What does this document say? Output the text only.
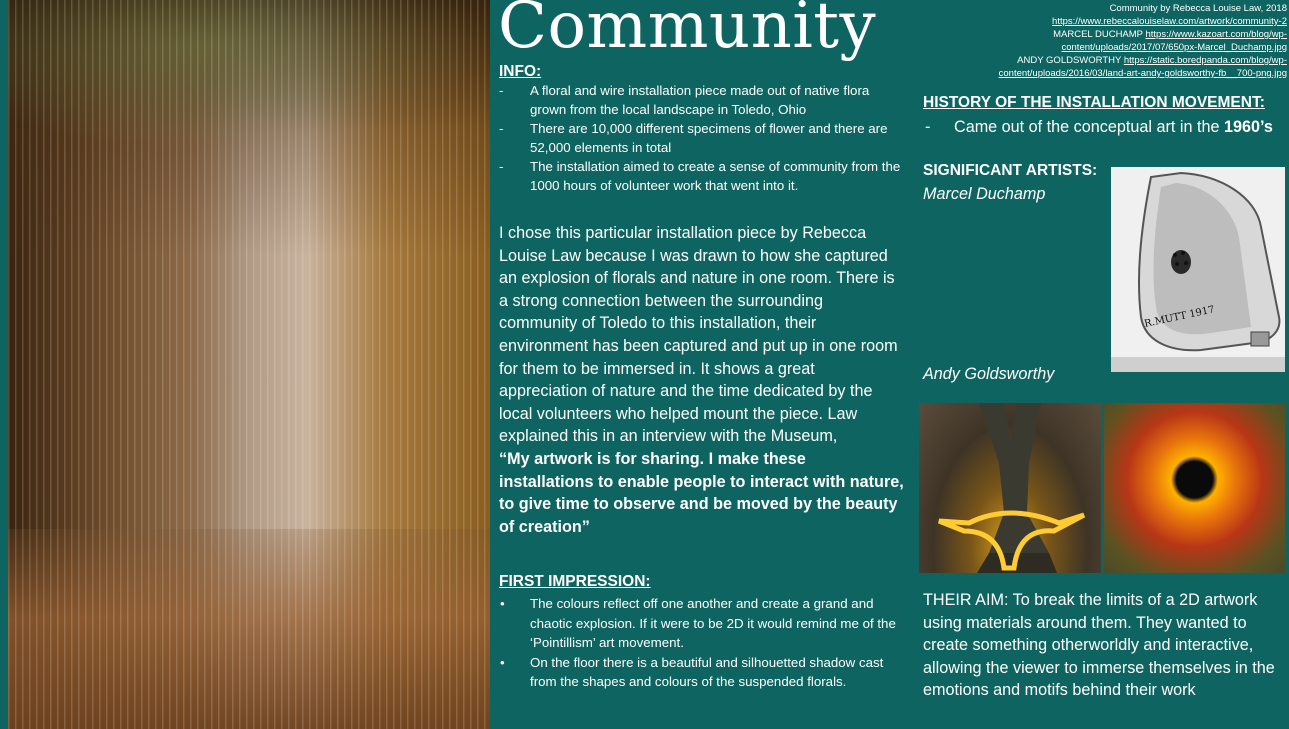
Community	Community by Rebecca Louise Law, 2018
https://www.rebeccalouiselaw.com/artwork/community-2
MARCEL DUCHAMP https://www.kazoart.com/blog/wp-
content/uploads/2017/07/650px-Marcel_Duchamp.jpg
ANDY GOLDSWORTHY https://static.boredpanda.com/blog/wp-
content/uploads/2016/03/land-art-andy-goldsworthy-fb__700-png.jpg
INFO:
- A floral and wire installation piece made out of native flora grown from the local landscape in Toledo, Ohio
- There are 10,000 different specimens of flower and there are 52,000 elements in total
- The installation aimed to create a sense of community from the 1000 hours of volunteer work that went into it.
I chose this particular installation piece by Rebecca Louise Law because I was drawn to how she captured an explosion of florals and nature in one room. There is a strong connection between the surrounding community of Toledo to this installation, their environment has been captured and put up in one room for them to be immersed in. It shows a great appreciation of nature and the time dedicated by the local volunteers who helped mount the piece. Law explained this in an interview with the Museum,
“My artwork is for sharing. I make these installations to enable people to interact with nature, to give time to observe and be moved by the beauty of creation”
FIRST IMPRESSION:
• The colours reflect off one another and create a grand and chaotic explosion. If it were to be 2D it would remind me of the ‘Pointillism’ art movement.
• On the floor there is a beautiful and silhouetted shadow cast from the shapes and colours of the suspended florals.
HISTORY OF THE INSTALLATION MOVEMENT:
- Came out of the conceptual art in the 1960’s
SIGNIFICANT ARTISTS:
Marcel Duchamp
Andy Goldsworthy
R.MUTT 1917
THEIR AIM: To break the limits of a 2D artwork using materials around them. They wanted to create something otherworldly and interactive, allowing the viewer to immerse themselves in the emotions and motifs behind their work
